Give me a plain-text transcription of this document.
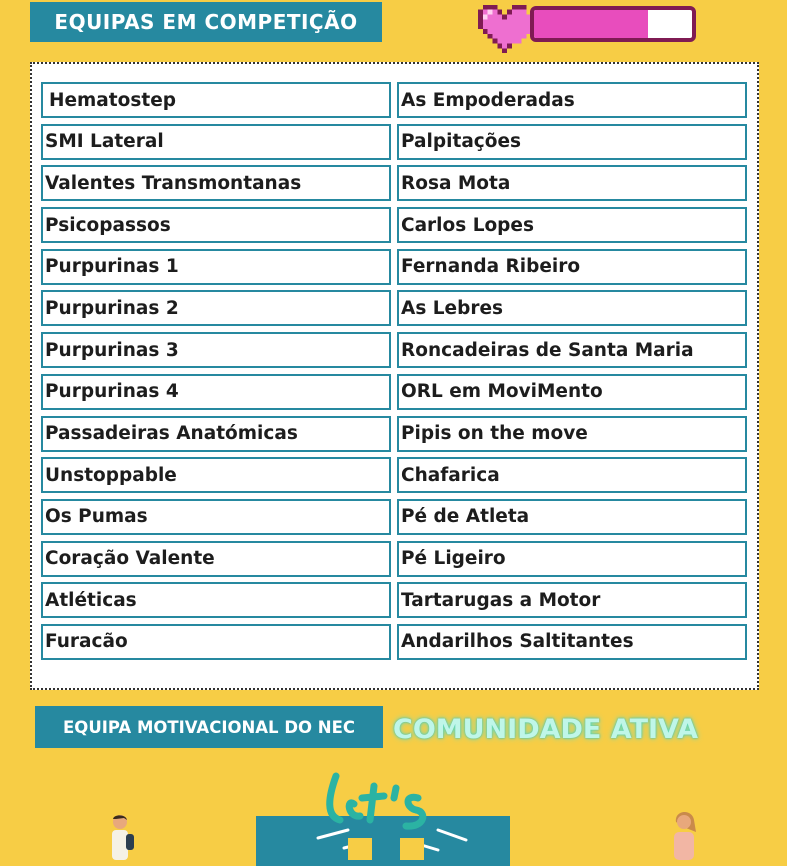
EQUIPAS EM COMPETIÇÃO
Hematostep
SMI Lateral
Valentes Transmontanas
Psicopassos
Purpurinas 1
Purpurinas 2
Purpurinas 3
Purpurinas 4
Passadeiras Anatómicas
Unstoppable
Os Pumas
Coração Valente
Atléticas
Furacão
As Empoderadas
Palpitações
Rosa Mota
Carlos Lopes
Fernanda Ribeiro
As Lebres
Roncadeiras de Santa Maria
ORL em MoviMento
Pipis on the move
Chafarica
Pé de Atleta
Pé Ligeiro
Tartarugas a Motor
Andarilhos Saltitantes
EQUIPA MOTIVACIONAL DO NEC	COMUNIDADE ATIVA
